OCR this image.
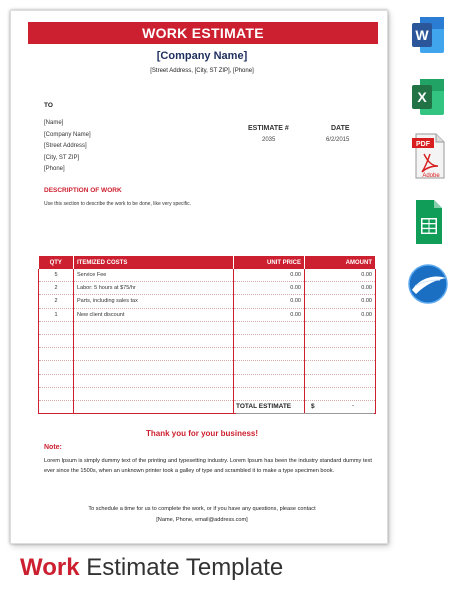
WORK ESTIMATE
[Company Name]
[Street Address, [City, ST ZIP], [Phone]
TO
[Name]
[Company Name]
[Street Address]
[City, ST ZIP]
[Phone]
ESTIMATE #
2035
DATE
6/2/2015
DESCRIPTION OF WORK
Use this section to describe the work to be done, like very specific.
QTY	ITEMIZED COSTS	UNIT PRICE	AMOUNT
5	Service Fee	0.00	0.00
2	Labor: 5 hours at $75/hr	0.00	0.00
2	Parts, including sales tax	0.00	0.00
1	New client discount	0.00	0.00

TOTAL ESTIMATE	$	-
Thank you for your business!
Note:
Lorem Ipsum is simply dummy text of the printing and typesetting industry. Lorem Ipsum has been the industry standard dummy text ever since the 1500s, when an unknown printer took a galley of type and scrambled it to make a type specimen book.
To schedule a time for us to complete the work, or if you have any questions, please contact
[Name, Phone, email@address.com]
W
X
PDF
Adobe
Work Estimate Template
